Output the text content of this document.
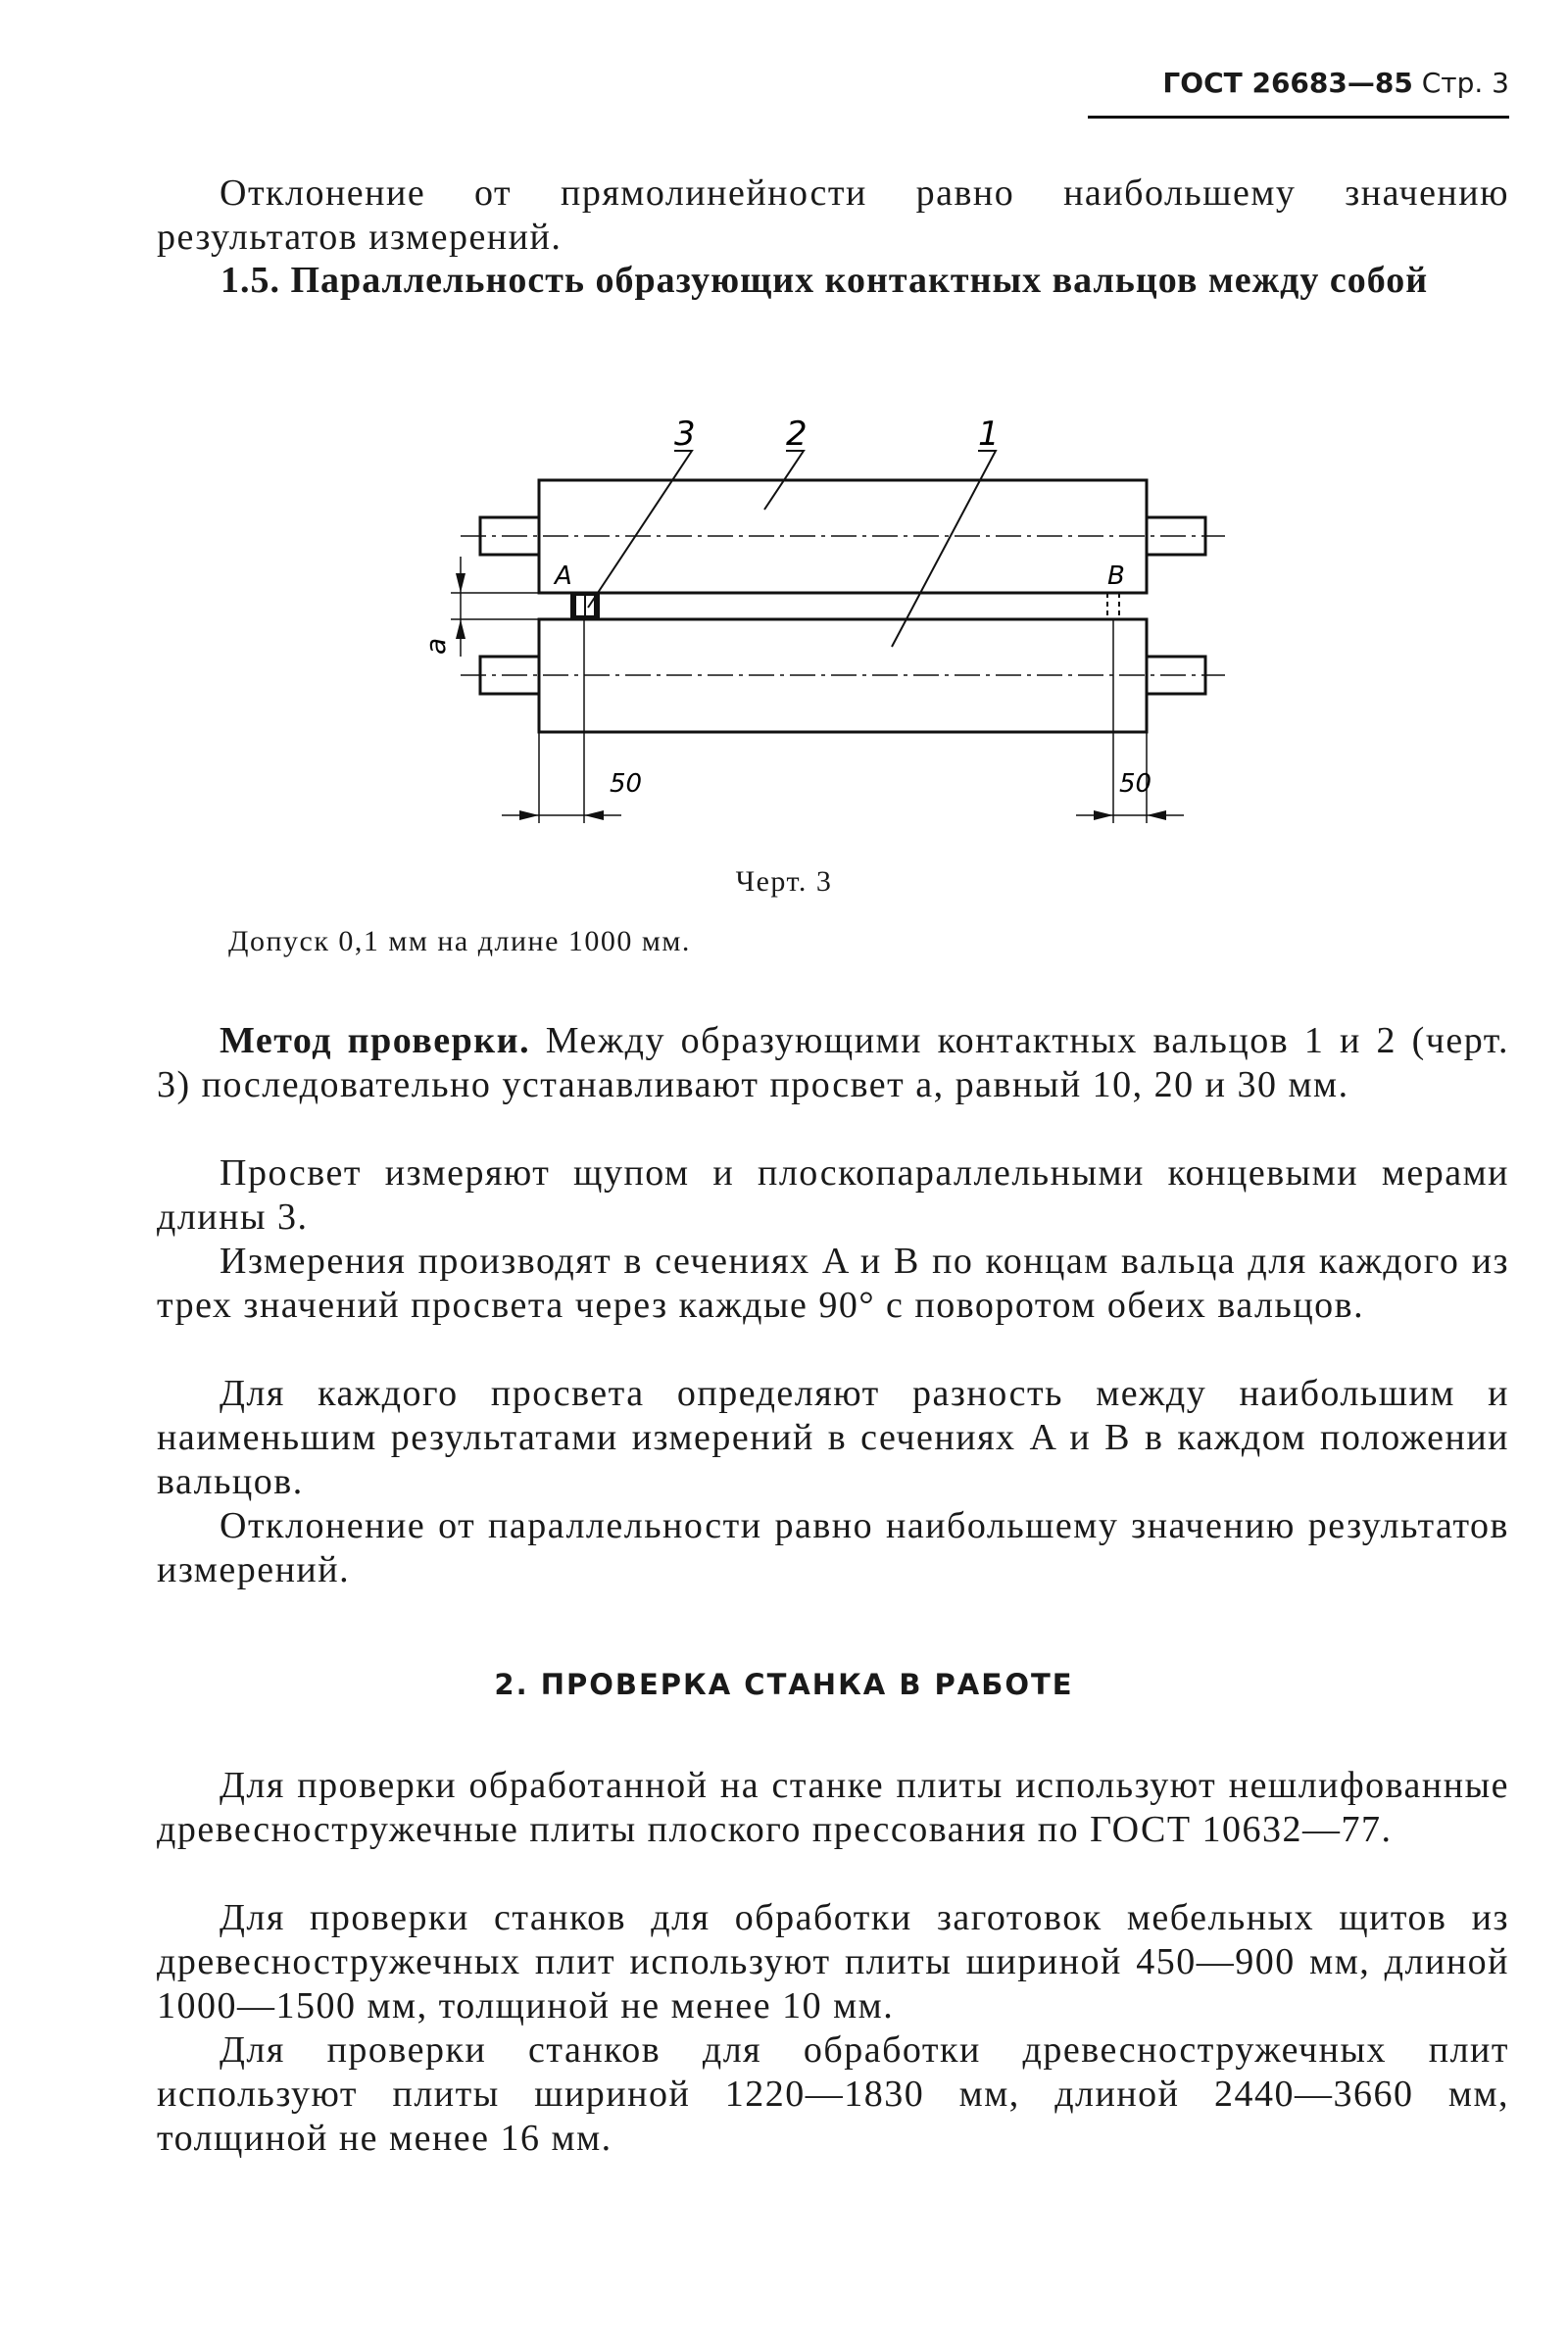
ГОСТ 26683—85 Стр. 3

Отклонение от прямолинейности равно наибольшему значению результатов измерений.

1.5. Параллельность образующих контактных вальцов между собой
3	2	1
A	B
a
50	50
Черт. 3
Допуск 0,1 мм на длине 1000 мм.

Метод проверки. Между образующими контактных вальцов 1 и 2 (черт. 3) последовательно устанавливают просвет a, равный 10, 20 и 30 мм.

Просвет измеряют щупом и плоскопараллельными концевыми мерами длины 3.

Измерения производят в сечениях A и B по концам вальца для каждого из трех значений просвета через каждые 90° с поворотом обеих вальцов.

Для каждого просвета определяют разность между наибольшим и наименьшим результатами измерений в сечениях A и B в каждом положении вальцов.

Отклонение от параллельности равно наибольшему значению результатов измерений.

2. ПРОВЕРКА СТАНКА В РАБОТЕ

Для проверки обработанной на станке плиты используют нешлифованные древесностружечные плиты плоского прессования по ГОСТ 10632—77.

Для проверки станков для обработки заготовок мебельных щитов из древесностружечных плит используют плиты шириной 450—900 мм, длиной 1000—1500 мм, толщиной не менее 10 мм.

Для проверки станков для обработки древесностружечных плит используют плиты шириной 1220—1830 мм, длиной 2440—3660 мм, толщиной не менее 16 мм.
